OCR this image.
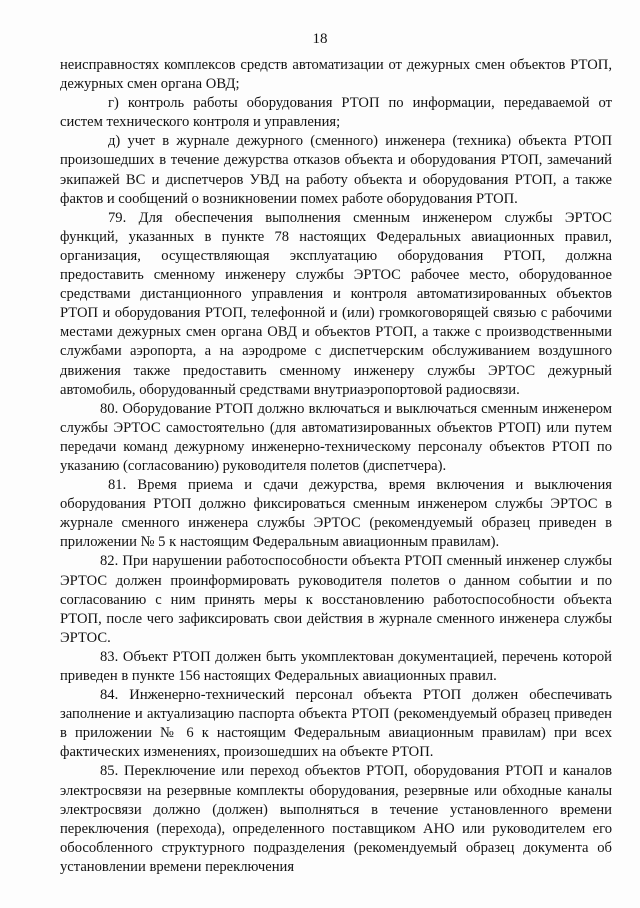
18

неисправностях комплексов средств автоматизации от дежурных смен объектов РТОП, дежурных смен органа ОВД;

г) контроль работы оборудования РТОП по информации, передаваемой от систем технического контроля и управления;

д) учет в журнале дежурного (сменного) инженера (техника) объекта РТОП произошедших в течение дежурства отказов объекта и оборудования РТОП, замечаний экипажей ВС и диспетчеров УВД на работу объекта и оборудования РТОП, а также фактов и сообщений о возникновении помех работе оборудования РТОП.

79. Для обеспечения выполнения сменным инженером службы ЭРТОС функций, указанных в пункте 78 настоящих Федеральных авиационных правил, организация, осуществляющая эксплуатацию оборудования РТОП, должна предоставить сменному инженеру службы ЭРТОС рабочее место, оборудованное средствами дистанционного управления и контроля автоматизированных объектов РТОП и оборудования РТОП, телефонной и (или) громкоговорящей связью с рабочими местами дежурных смен органа ОВД и объектов РТОП, а также с производственными службами аэропорта, а на аэродроме с диспетчерским обслуживанием воздушного движения также предоставить сменному инженеру службы ЭРТОС дежурный автомобиль, оборудованный средствами внутриаэропортовой радиосвязи.

80. Оборудование РТОП должно включаться и выключаться сменным инженером службы ЭРТОС самостоятельно (для автоматизированных объектов РТОП) или путем передачи команд дежурному инженерно-техническому персоналу объектов РТОП по указанию (согласованию) руководителя полетов (диспетчера).

81. Время приема и сдачи дежурства, время включения и выключения оборудования РТОП должно фиксироваться сменным инженером службы ЭРТОС в журнале сменного инженера службы ЭРТОС (рекомендуемый образец приведен в приложении № 5 к настоящим Федеральным авиационным правилам).

82. При нарушении работоспособности объекта РТОП сменный инженер службы ЭРТОС должен проинформировать руководителя полетов о данном событии и по согласованию с ним принять меры к восстановлению работоспособности объекта РТОП, после чего зафиксировать свои действия в журнале сменного инженера службы ЭРТОС.

83. Объект РТОП должен быть укомплектован документацией, перечень которой приведен в пункте 156 настоящих Федеральных авиационных правил.

84. Инженерно-технический персонал объекта РТОП должен обеспечивать заполнение и актуализацию паспорта объекта РТОП (рекомендуемый образец приведен в приложении № 6 к настоящим Федеральным авиационным правилам) при всех фактических изменениях, произошедших на объекте РТОП.

85. Переключение или переход объектов РТОП, оборудования РТОП и каналов электросвязи на резервные комплекты оборудования, резервные или обходные каналы электросвязи должно (должен) выполняться в течение установленного времени переключения (перехода), определенного поставщиком АНО или руководителем его обособленного структурного подразделения (рекомендуемый образец документа об установлении времени переключения
